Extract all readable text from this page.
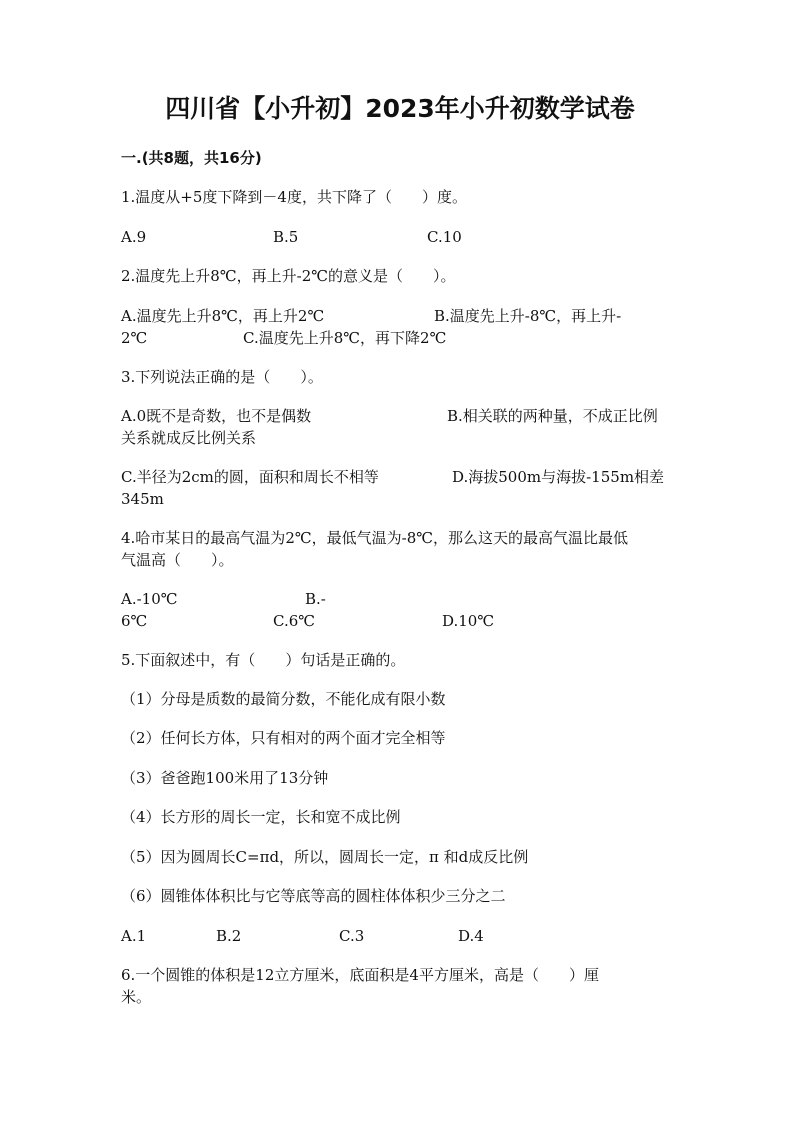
四川省【小升初】2023年小升初数学试卷
一.(共8题，共16分)
1.温度从+5度下降到－4度，共下降了（　　）度。
A.9	B.5	C.10
2.温度先上升8℃，再上升-2℃的意义是（　　）。
A.温度先上升8℃，再上升2℃	B.温度先上升-8℃，再上升-
2℃	C.温度先上升8℃，再下降2℃
3.下列说法正确的是（　　）。
A.0既不是奇数，也不是偶数	B.相关联的两种量，不成正比例
关系就成反比例关系
C.半径为2cm的圆，面积和周长不相等	D.海拔500m与海拔-155m相差
345m
4.哈市某日的最高气温为2℃，最低气温为-8℃，那么这天的最高气温比最低
气温高（　　）。
A.-10℃	B.-
6℃	C.6℃	D.10℃
5.下面叙述中，有（　　）句话是正确的。
（1）分母是质数的最简分数，不能化成有限小数
（2）任何长方体，只有相对的两个面才完全相等
（3）爸爸跑100米用了13分钟
（4）长方形的周长一定，长和宽不成比例
（5）因为圆周长C=πd，所以，圆周长一定，π 和d成反比例
（6）圆锥体体积比与它等底等高的圆柱体体积少三分之二
A.1	B.2	C.3	D.4
6.一个圆锥的体积是12立方厘米，底面积是4平方厘米，高是（　　）厘
米。
